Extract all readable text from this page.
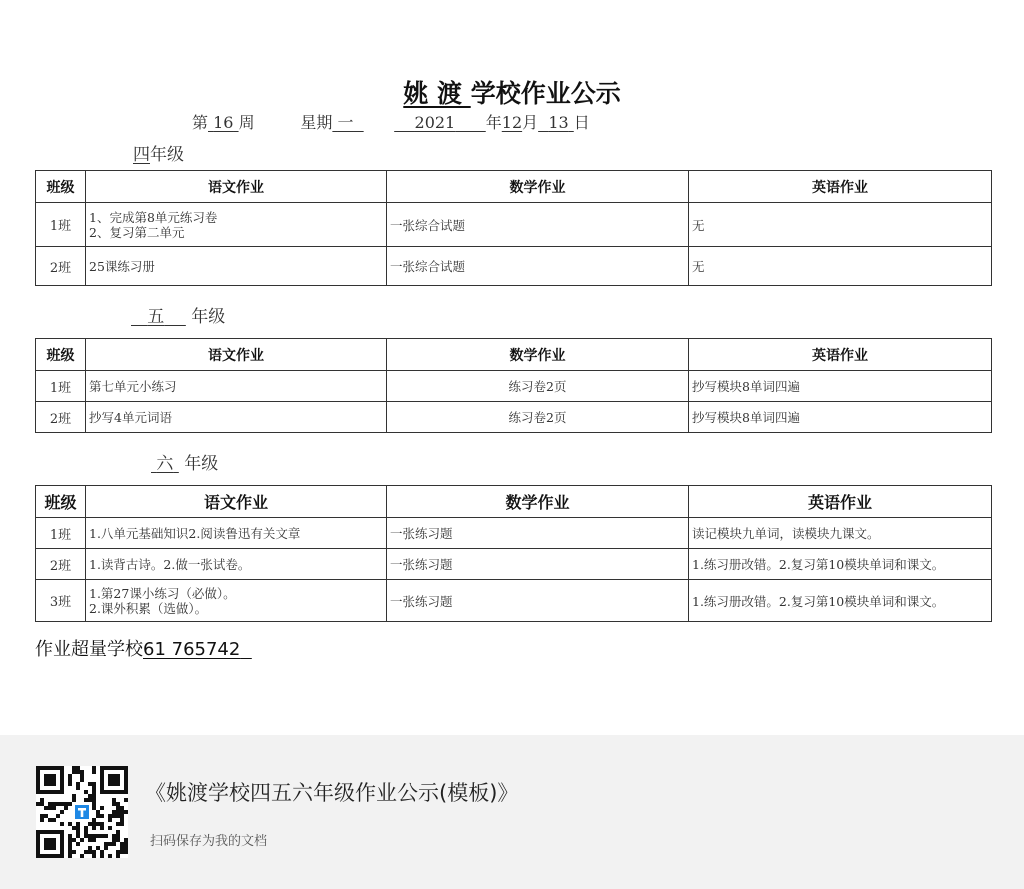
姚 渡 学校作业公示
第 16 周	星期 一	2021 年12月 13 日
四年级
班级	语文作业	数学作业	英语作业
1班	1、完成第8单元练习卷
2、复习第二单元	一张综合试题	无
2班	25课练习册	一张综合试题	无
五 年级
班级	语文作业	数学作业	英语作业
1班	第七单元小练习	练习卷2页	抄写模块8单词四遍
2班	抄写4单元词语	练习卷2页	抄写模块8单词四遍
六 年级
班级	语文作业	数学作业	英语作业
1班	1.八单元基础知识2.阅读鲁迅有关文章	一张练习题	读记模块九单词，读模块九课文。
2班	1.读背古诗。2.做一张试卷。	一张练习题	1.练习册改错。2.复习第10模块单词和课文。
3班	1.第27课小练习（必做）。
2.课外积累（选做）。	一张练习题	1.练习册改错。2.复习第10模块单词和课文。
作业超量学校61 765742
《姚渡学校四五六年级作业公示(模板)》
扫码保存为我的文档
